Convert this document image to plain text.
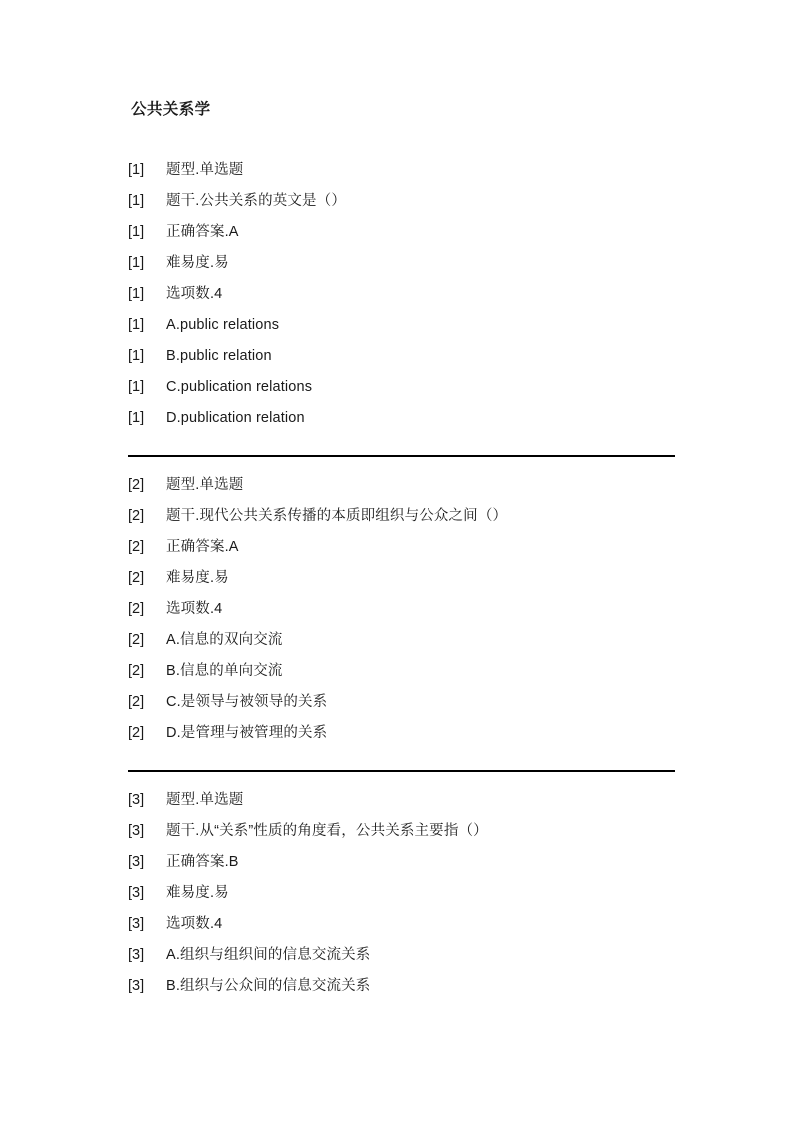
公共关系学
[1]	题型.单选题
[1]	题干.公共关系的英文是（）
[1]	正确答案.A
[1]	难易度.易
[1]	选项数.4
[1]	A.public relations
[1]	B.public relation
[1]	C.publication relations
[1]	D.publication relation
[2]	题型.单选题
[2]	题干.现代公共关系传播的本质即组织与公众之间（）
[2]	正确答案.A
[2]	难易度.易
[2]	选项数.4
[2]	A.信息的双向交流
[2]	B.信息的单向交流
[2]	C.是领导与被领导的关系
[2]	D.是管理与被管理的关系
[3]	题型.单选题
[3]	题干.从“关系”性质的角度看，公共关系主要指（）
[3]	正确答案.B
[3]	难易度.易
[3]	选项数.4
[3]	A.组织与组织间的信息交流关系
[3]	B.组织与公众间的信息交流关系
